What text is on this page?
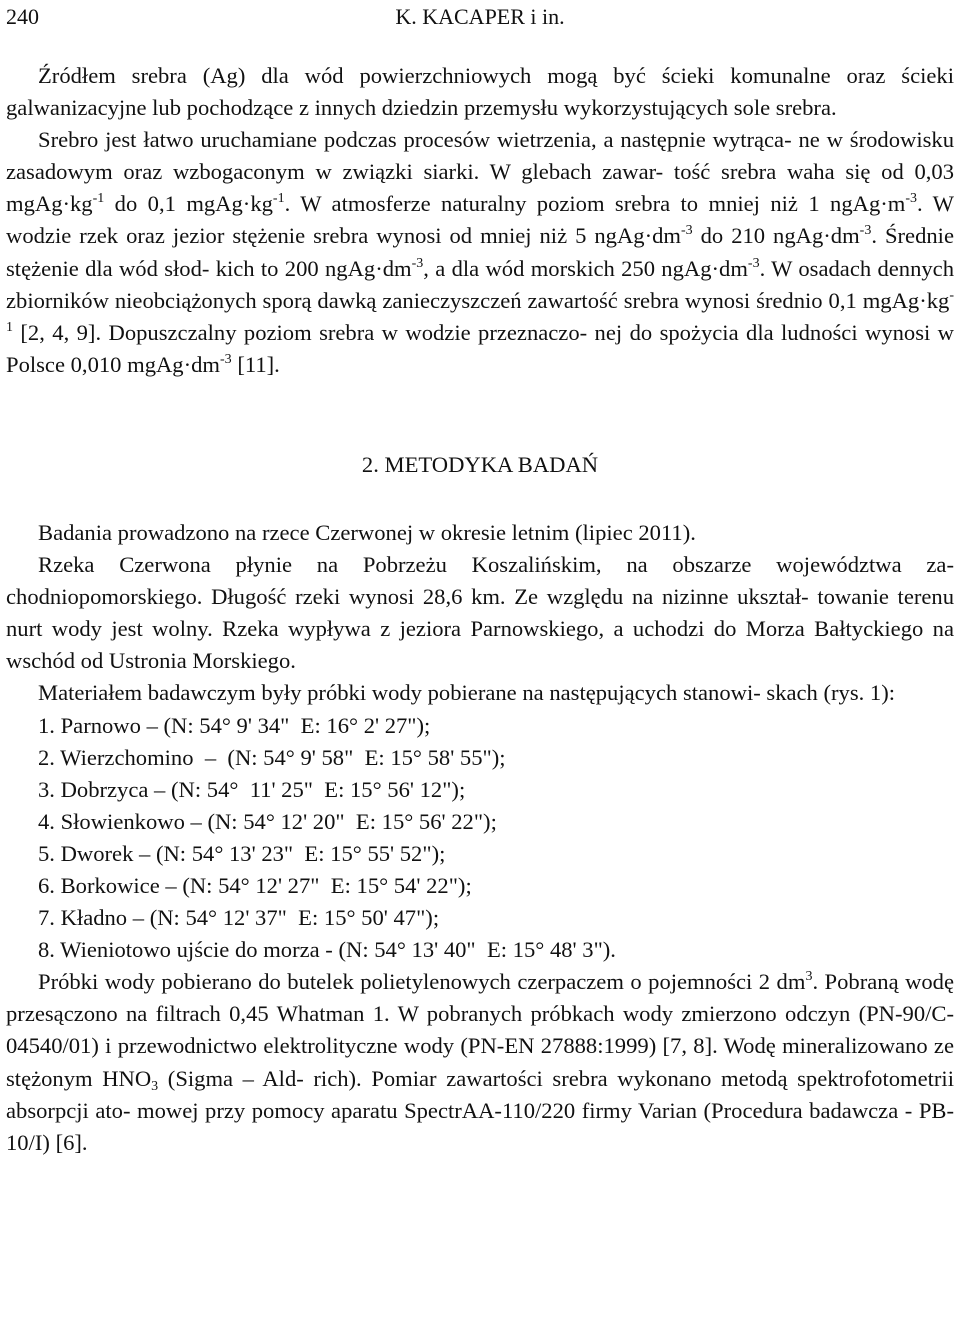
240	K. KACAPER i in.

Źródłem srebra (Ag) dla wód powierzchniowych mogą być ścieki komunalne oraz ścieki galwanizacyjne lub pochodzące z innych dziedzin przemysłu wykorzystujących sole srebra.

Srebro jest łatwo uruchamiane podczas procesów wietrzenia, a następnie wytrąca- ne w środowisku zasadowym oraz wzbogaconym w związki siarki. W glebach zawar- tość srebra waha się od 0,03 $mgAg\cdot kg^{-1}$ do 0,1 $mgAg\cdot kg^{-1}$. W atmosferze naturalny poziom srebra to mniej niż 1 $ngAg\cdot m^{-3}$. W wodzie rzek oraz jezior stężenie srebra wynosi od mniej niż 5 $ngAg\cdot dm^{-3}$ do 210 $ngAg\cdot dm^{-3}$. Średnie stężenie dla wód słod- kich to 200 $ngAg\cdot dm^{-3}$, a dla wód morskich 250 $ngAg\cdot dm^{-3}$. W osadach dennych zbiorników nieobciążonych sporą dawką zanieczyszczeń zawartość srebra wynosi średnio 0,1 $mgAg\cdot kg^{-1}$ [2, 4, 9]. Dopuszczalny poziom srebra w wodzie przeznaczo- nej do spożycia dla ludności wynosi w Polsce 0,010 $mgAg\cdot dm^{-3}$ [11].

2. METODYKA BADAŃ

Badania prowadzono na rzece Czerwonej w okresie letnim (lipiec 2011).

Rzeka Czerwona płynie na Pobrzeżu Koszalińskim, na obszarze województwa za- chodniopomorskiego. Długość rzeki wynosi 28,6 km. Ze względu na nizinne ukształ- towanie terenu nurt wody jest wolny. Rzeka wypływa z jeziora Parnowskiego, a uchodzi do Morza Bałtyckiego na wschód od Ustronia Morskiego.

Materiałem badawczym były próbki wody pobierane na następujących stanowi- skach (rys. 1):

1. Parnowo – (N: 54° 9' 34"  E: 16° 2' 27");
2. Wierzchomino  –  (N: 54° 9' 58"  E: 15° 58' 55");
3. Dobrzyca – (N: 54°  11' 25"  E: 15° 56' 12");
4. Słowienkowo – (N: 54° 12' 20"  E: 15° 56' 22");
5. Dworek – (N: 54° 13' 23"  E: 15° 55' 52");
6. Borkowice – (N: 54° 12' 27"  E: 15° 54' 22");
7. Kładno – (N: 54° 12' 37"  E: 15° 50' 47");
8. Wieniotowo ujście do morza - (N: 54° 13' 40"  E: 15° 48' 3").

Próbki wody pobierano do butelek polietylenowych czerpaczem o pojemności 2 $dm^3$. Pobraną wodę przesączono na filtrach 0,45 Whatman 1. W pobranych próbkach wody zmierzono odczyn (PN-90/C-04540/01) i przewodnictwo elektrolityczne wody (PN-EN 27888:1999) [7, 8]. Wodę mineralizowano ze stężonym $HNO_3$ (Sigma – Ald- rich). Pomiar zawartości srebra wykonano metodą spektrofotometrii absorpcji ato- mowej przy pomocy aparatu SpectrAA-110/220 firmy Varian (Procedura badawcza - PB-10/I) [6].
